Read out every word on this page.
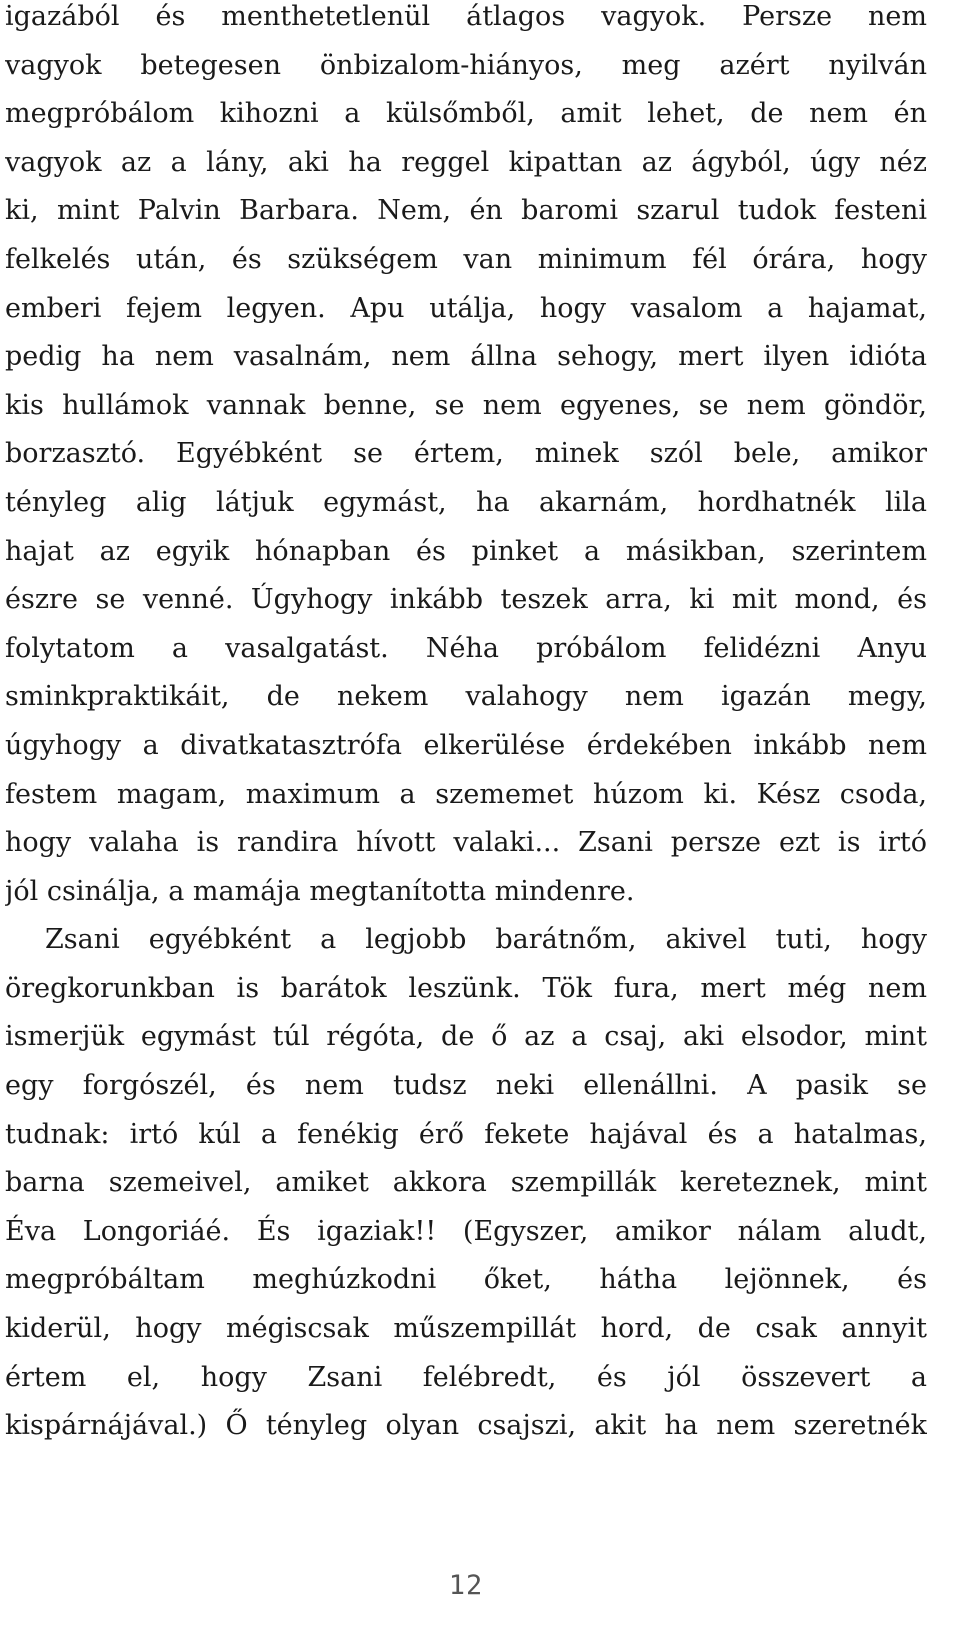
igazából és menthetetlenül átlagos vagyok. Persze nem
vagyok betegesen önbizalom-hiányos, meg azért nyilván
megpróbálom kihozni a külsőmből, amit lehet, de nem én
vagyok az a lány, aki ha reggel kipattan az ágyból, úgy néz
ki, mint Palvin Barbara. Nem, én baromi szarul tudok festeni
felkelés után, és szükségem van minimum fél órára, hogy
emberi fejem legyen. Apu utálja, hogy vasalom a hajamat,
pedig ha nem vasalnám, nem állna sehogy, mert ilyen idióta
kis hullámok vannak benne, se nem egyenes, se nem göndör,
borzasztó. Egyébként se értem, minek szól bele, amikor
tényleg alig látjuk egymást, ha akarnám, hordhatnék lila
hajat az egyik hónapban és pinket a másikban, szerintem
észre se venné. Úgyhogy inkább teszek arra, ki mit mond, és
folytatom a vasalgatást. Néha próbálom felidézni Anyu
sminkpraktikáit, de nekem valahogy nem igazán megy,
úgyhogy a divatkatasztrófa elkerülése érdekében inkább nem
festem magam, maximum a szememet húzom ki. Kész csoda,
hogy valaha is randira hívott valaki... Zsani persze ezt is irtó
jól csinálja, a mamája megtanította mindenre.
Zsani egyébként a legjobb barátnőm, akivel tuti, hogy
öregkorunkban is barátok leszünk. Tök fura, mert még nem
ismerjük egymást túl régóta, de ő az a csaj, aki elsodor, mint
egy forgószél, és nem tudsz neki ellenállni. A pasik se
tudnak: irtó kúl a fenékig érő fekete hajával és a hatalmas,
barna szemeivel, amiket akkora szempillák kereteznek, mint
Éva Longoriáé. És igaziak!! (Egyszer, amikor nálam aludt,
megpróbáltam meghúzkodni őket, hátha lejönnek, és
kiderül, hogy mégiscsak műszempillát hord, de csak annyit
értem el, hogy Zsani felébredt, és jól összevert a
kispárnájával.) Ő tényleg olyan csajszi, akit ha nem szeretnék
12
